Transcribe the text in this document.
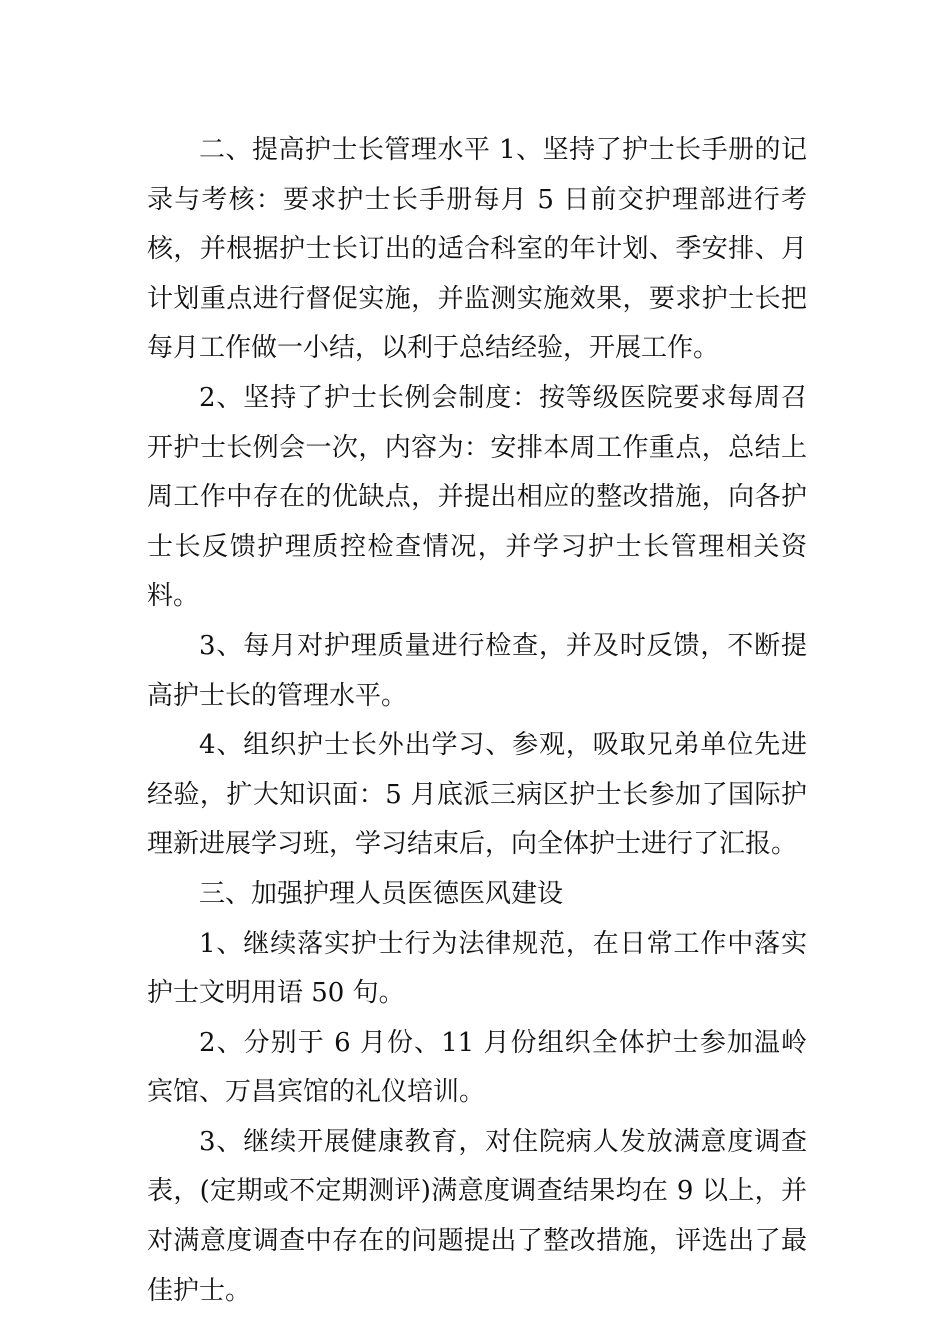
二、提高护士长管理水平 1、坚持了护士长手册的记录与考核：要求护士长手册每月 5 日前交护理部进行考核，并根据护士长订出的适合科室的年计划、季安排、月计划重点进行督促实施，并监测实施效果，要求护士长把每月工作做一小结，以利于总结经验，开展工作。

2、坚持了护士长例会制度：按等级医院要求每周召开护士长例会一次，内容为：安排本周工作重点，总结上周工作中存在的优缺点，并提出相应的整改措施，向各护士长反馈护理质控检查情况，并学习护士长管理相关资料。

3、每月对护理质量进行检查，并及时反馈，不断提高护士长的管理水平。

4、组织护士长外出学习、参观，吸取兄弟单位先进经验，扩大知识面：5 月底派三病区护士长参加了国际护理新进展学习班，学习结束后，向全体护士进行了汇报。

三、加强护理人员医德医风建设

1、继续落实护士行为法律规范，在日常工作中落实护士文明用语 50 句。

2、分别于 6 月份、11 月份组织全体护士参加温岭宾馆、万昌宾馆的礼仪培训。

3、继续开展健康教育，对住院病人发放满意度调查表，(定期或不定期测评)满意度调查结果均在 9 以上，并对满意度调查中存在的问题提出了整改措施，评选出了最佳护士。
